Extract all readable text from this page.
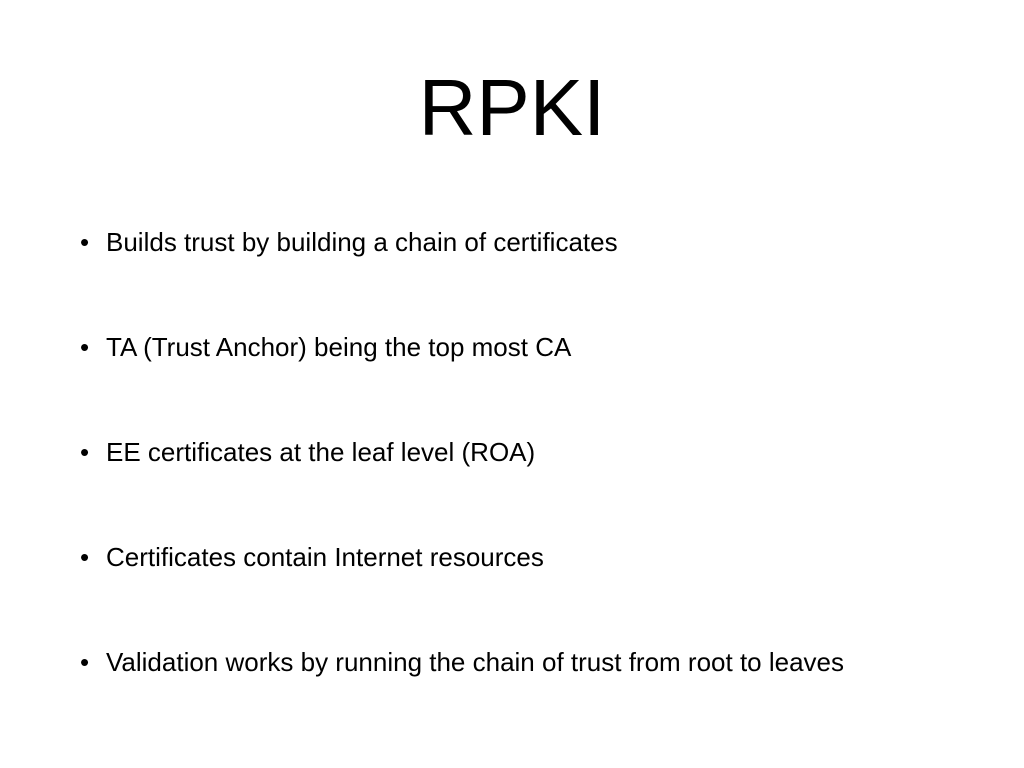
RPKI
• Builds trust by building a chain of certificates
• TA (Trust Anchor) being the top most CA
• EE certificates at the leaf level (ROA)
• Certificates contain Internet resources
• Validation works by running the chain of trust from root to leaves
